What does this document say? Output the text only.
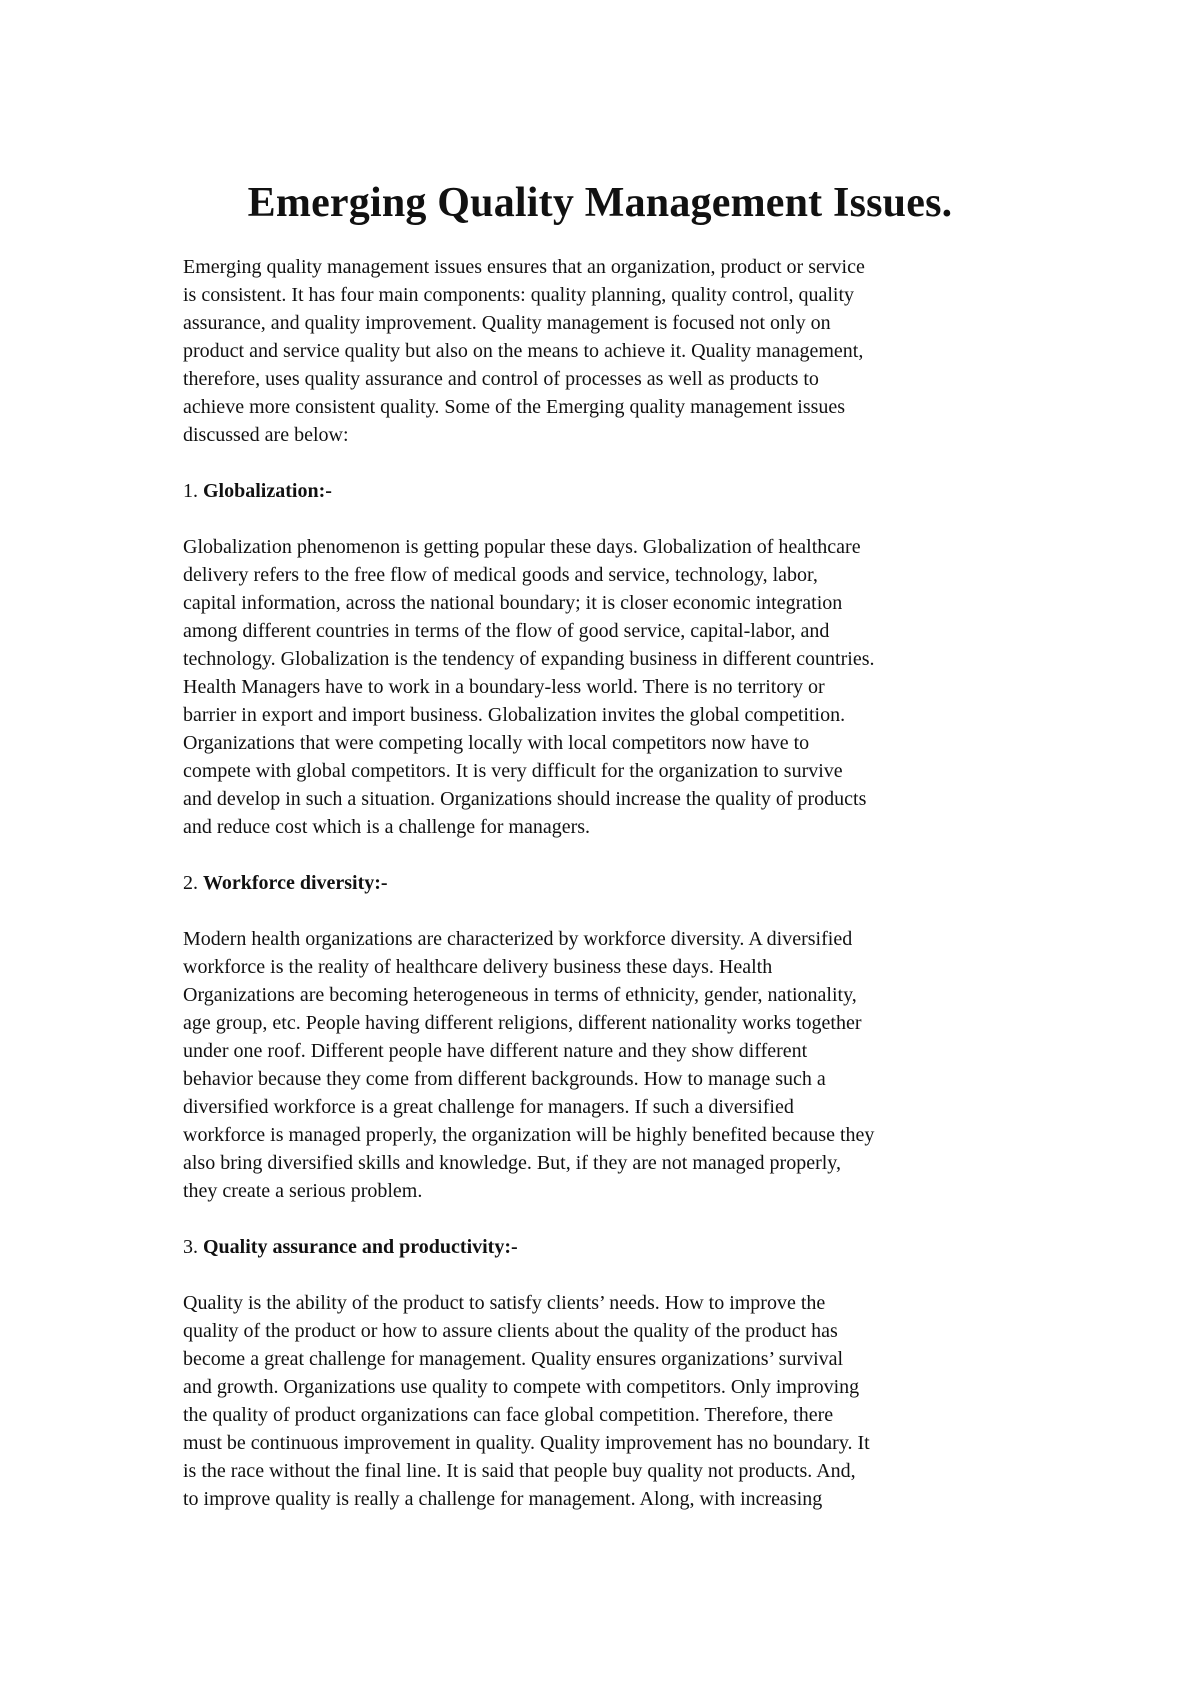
Emerging Quality Management Issues.

Emerging quality management issues ensures that an organization, product or service
is consistent. It has four main components: quality planning, quality control, quality
assurance, and quality improvement. Quality management is focused not only on
product and service quality but also on the means to achieve it. Quality management,
therefore, uses quality assurance and control of processes as well as products to
achieve more consistent quality. Some of the Emerging quality management issues
discussed are below:

1. Globalization:-

Globalization phenomenon is getting popular these days. Globalization of healthcare
delivery refers to the free flow of medical goods and service, technology, labor,
capital information, across the national boundary; it is closer economic integration
among different countries in terms of the flow of good service, capital-labor, and
technology. Globalization is the tendency of expanding business in different countries.
Health Managers have to work in a boundary-less world. There is no territory or
barrier in export and import business. Globalization invites the global competition.
Organizations that were competing locally with local competitors now have to
compete with global competitors. It is very difficult for the organization to survive
and develop in such a situation. Organizations should increase the quality of products
and reduce cost which is a challenge for managers.

2. Workforce diversity:-

Modern health organizations are characterized by workforce diversity. A diversified
workforce is the reality of healthcare delivery business these days. Health
Organizations are becoming heterogeneous in terms of ethnicity, gender, nationality,
age group, etc. People having different religions, different nationality works together
under one roof. Different people have different nature and they show different
behavior because they come from different backgrounds. How to manage such a
diversified workforce is a great challenge for managers. If such a diversified
workforce is managed properly, the organization will be highly benefited because they
also bring diversified skills and knowledge. But, if they are not managed properly,
they create a serious problem.

3. Quality assurance and productivity:-

Quality is the ability of the product to satisfy clients’ needs. How to improve the
quality of the product or how to assure clients about the quality of the product has
become a great challenge for management. Quality ensures organizations’ survival
and growth. Organizations use quality to compete with competitors. Only improving
the quality of product organizations can face global competition. Therefore, there
must be continuous improvement in quality. Quality improvement has no boundary. It
is the race without the final line. It is said that people buy quality not products. And,
to improve quality is really a challenge for management. Along, with increasing
